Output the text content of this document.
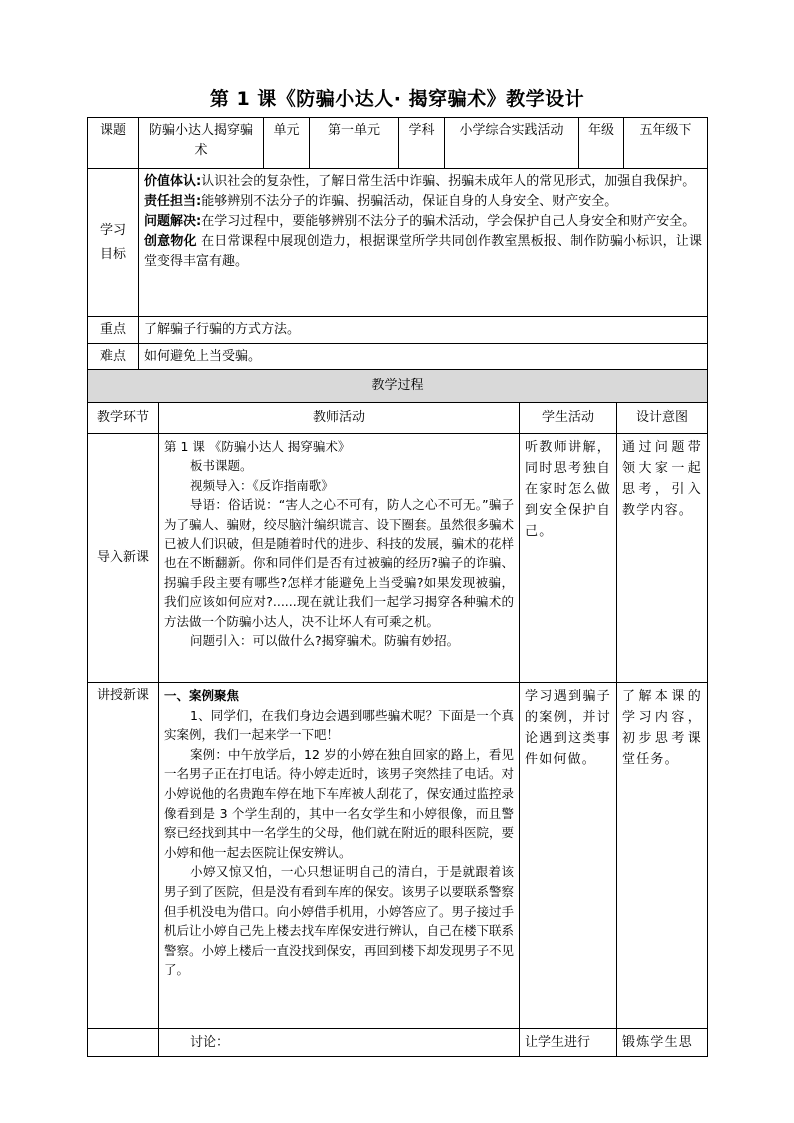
第 1 课《防骗小达人· 揭穿骗术》教学设计
课题	防骗小达人揭穿骗术	单元	第一单元	学科	小学综合实践活动	年级	五年级下
学习目标	价值体认:认识社会的复杂性，了解日常生活中诈骗、拐骗未成年人的常见形式，加强自我保护。
责任担当:能够辨别不法分子的诈骗、拐骗活动，保证自身的人身安全、财产安全。
问题解决:在学习过程中，要能够辨别不法分子的骗术活动，学会保护自己人身安全和财产安全。
创意物化 在日常课程中展现创造力，根据课堂所学共同创作教室黑板报、制作防骗小标识，让课堂变得丰富有趣。						

重点	了解骗子行骗的方式方法。						
难点	如何避免上当受骗。						
教学过程			
教学环节	教师活动	学生活动	设计意图
导入新课	第 1 课 《防骗小达人 揭穿骗术》
板书课题。
视频导入：《反诈指南歌》
导语：俗话说：“害人之心不可有，防人之心不可无。”骗子为了骗人、骗财，绞尽脑汁编织谎言、设下圈套。虽然很多骗术已被人们识破，但是随着时代的进步、科技的发展，骗术的花样也在不断翻新。你和同伴们是否有过被骗的经历?骗子的诈骗、拐骗手段主要有哪些?怎样才能避免上当受骗?如果发现被骗，我们应该如何应对?......现在就让我们一起学习揭穿各种骗术的方法做一个防骗小达人，决不让坏人有可乘之机。
问题引入：可以做什么?揭穿骗术。防骗有妙招。	听教师讲解，同时思考独自在家时怎么做到安全保护自己。	通过问题带领大家一起思考，引入教学内容。
讲授新课	一、案例聚焦
1、同学们，在我们身边会遇到哪些骗术呢？下面是一个真实案例，我们一起来学一下吧！
案例：中午放学后，12 岁的小婷在独自回家的路上，看见一名男子正在打电话。待小婷走近时，该男子突然挂了电话。对小婷说他的名贵跑车停在地下车库被人刮花了，保安通过监控录像看到是 3 个学生刮的，其中一名女学生和小婷很像，而且警察已经找到其中一名学生的父母，他们就在附近的眼科医院，要小婷和他一起去医院让保安辨认。
小婷又惊又怕，一心只想证明自己的清白，于是就跟着该男子到了医院，但是没有看到车库的保安。该男子以要联系警察但手机没电为借口。向小婷借手机用，小婷答应了。男子接过手机后让小婷自己先上楼去找车库保安进行辨认，自己在楼下联系警察。小婷上楼后一直没找到保安，再回到楼下却发现男子不见了。	学习遇到骗子的案例，并讨论遇到这类事件如何做。	了解本课的学习内容，初步思考课堂任务。
	讨论：	让学生进行	锻炼学生思
